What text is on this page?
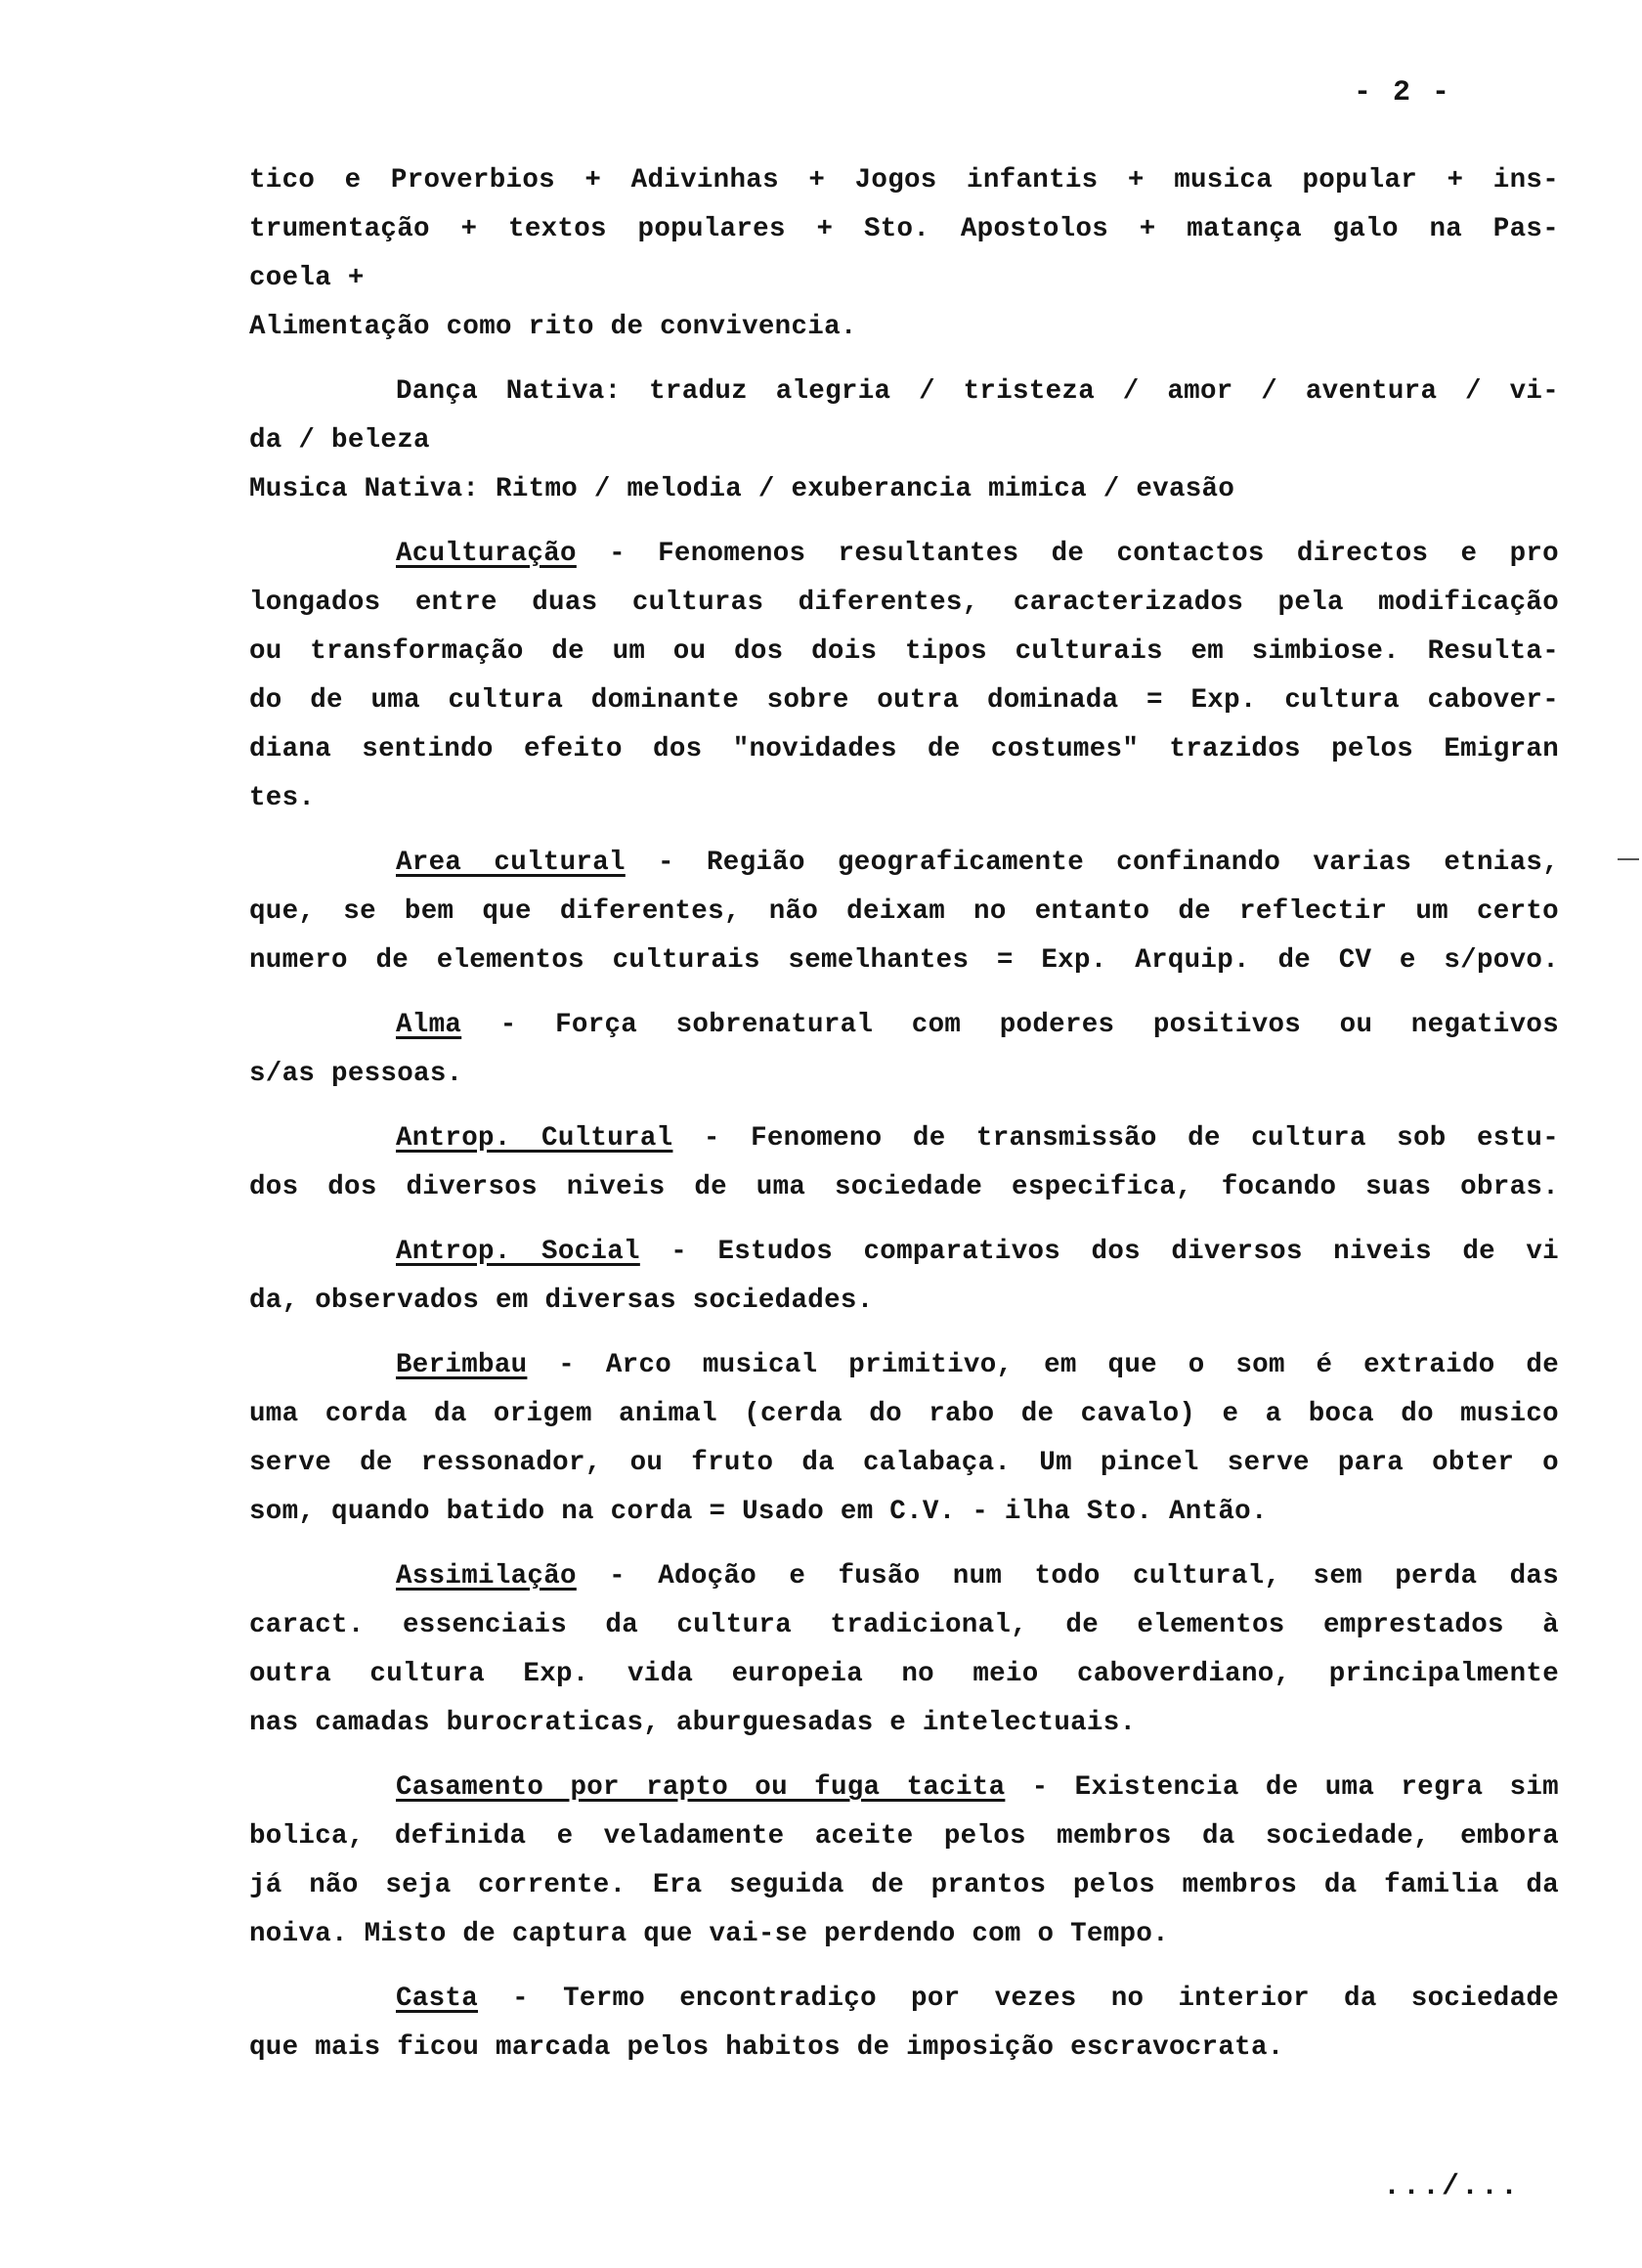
- 2 -

tico e Proverbios + Adivinhas + Jogos infantis + musica popular + ins-
trumentação + textos populares + Sto. Apostolos + matança galo na Pas-
coela +

Alimentação como rito de convivencia.

Dança Nativa: traduz alegria / tristeza / amor / aventura / vi-
da / beleza

Musica Nativa: Ritmo / melodia / exuberancia mimica / evasão

Aculturação - Fenomenos resultantes de contactos directos e pro
longados entre duas culturas diferentes, caracterizados pela modificação
ou transformação de um ou dos dois tipos culturais em simbiose. Resulta-
do de uma cultura dominante sobre outra dominada = Exp. cultura cabover-
diana sentindo efeito dos "novidades de costumes" trazidos pelos Emigran
tes.

Area cultural - Região geograficamente confinando varias etnias,
que, se bem que diferentes, não deixam no entanto de reflectir um certo
numero de elementos culturais semelhantes = Exp. Arquip. de CV e s/povo.

Alma - Força sobrenatural com poderes positivos ou negativos
s/as pessoas.

Antrop. Cultural - Fenomeno de transmissão de cultura sob estu-
dos dos diversos niveis de uma sociedade especifica, focando suas obras.

Antrop. Social - Estudos comparativos dos diversos niveis de vi
da, observados em diversas sociedades.

Berimbau - Arco musical primitivo, em que o som é extraido de
uma corda da origem animal (cerda do rabo de cavalo) e a boca do musico
serve de ressonador, ou fruto da calabaça. Um pincel serve para obter o
som, quando batido na corda = Usado em C.V. - ilha Sto. Antão.

Assimilação - Adoção e fusão num todo cultural, sem perda das
caract. essenciais da cultura tradicional, de elementos emprestados à
outra cultura Exp. vida europeia no meio caboverdiano, principalmente
nas camadas burocraticas, aburguesadas e intelectuais.

Casamento por rapto ou fuga tacita - Existencia de uma regra sim
bolica, definida e veladamente aceite pelos membros da sociedade, embora
já não seja corrente. Era seguida de prantos pelos membros da familia da
noiva. Misto de captura que vai-se perdendo com o Tempo.

Casta - Termo encontradiço por vezes no interior da sociedade
que mais ficou marcada pelos habitos de imposição escravocrata.

.../...
